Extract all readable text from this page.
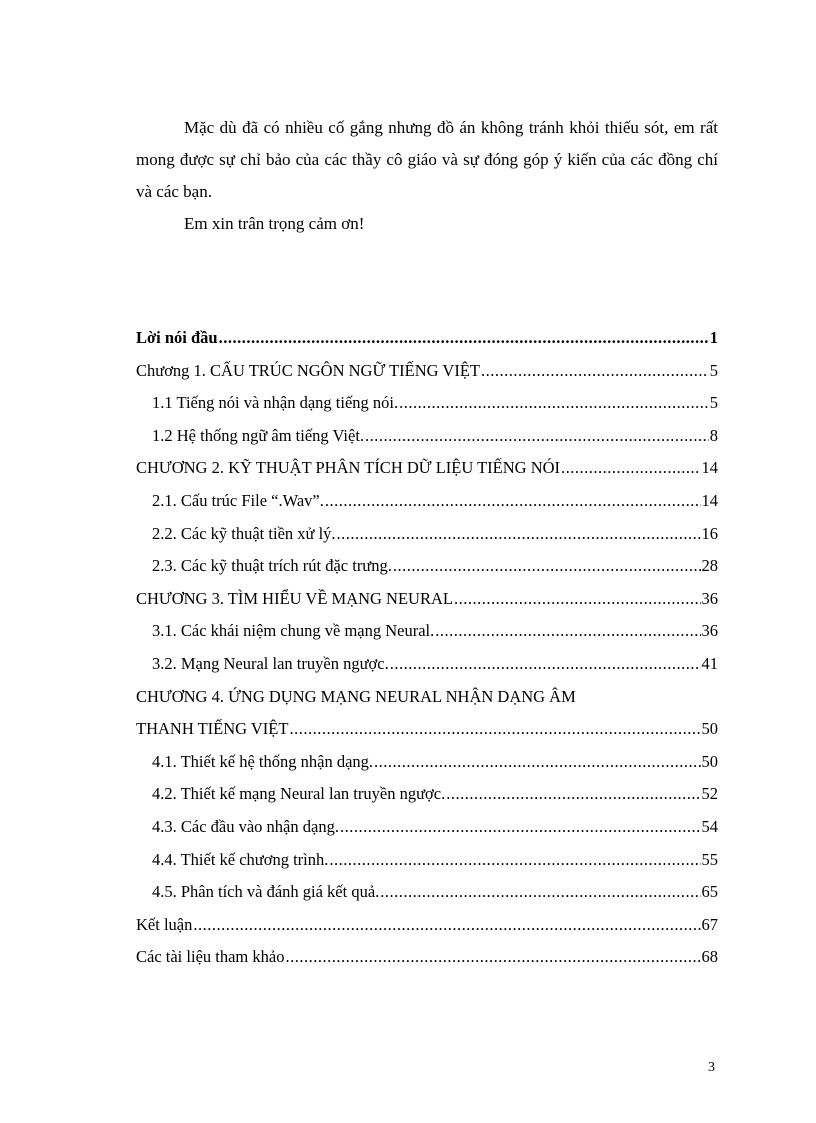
Mặc dù đã có nhiều cố gắng nhưng đồ án không tránh khỏi thiếu sót, em rất mong được sự chỉ bảo của các thầy cô giáo và sự đóng góp ý kiến của các đồng chí và các bạn.

Em xin trân trọng cảm ơn!

Lời nói đầu .....	1
Chương 1. CẤU TRÚC NGÔN NGỮ TIẾNG VIỆT .....	5
1.1 Tiếng nói và nhận dạng tiếng nói. .....	5
1.2 Hệ thống ngữ âm tiếng Việt. .....	8
CHƯƠNG 2. KỸ THUẬT PHÂN TÍCH DỮ LIỆU TIẾNG NÓI .....	14
2.1. Cấu trúc File “.Wav”. .....	14
2.2. Các kỹ thuật tiền xử lý. .....	16
2.3. Các kỹ thuật trích rút đặc trưng. .....	28
CHƯƠNG 3. TÌM HIỂU VỀ MẠNG NEURAL .....	36
3.1. Các khái niệm chung về mạng Neural. .....	36
3.2. Mạng Neural lan truyền ngược. .....	41
CHƯƠNG 4. ỨNG DỤNG MẠNG NEURAL NHẬN DẠNG ÂM
THANH TIẾNG VIỆT .....	50
4.1. Thiết kế hệ thống nhận dạng. .....	50
4.2. Thiết kế mạng Neural lan truyền ngược. .....	52
4.3. Các đầu vào nhận dạng. .....	54
4.4. Thiết kế chương trình. .....	55
4.5. Phân tích và đánh giá kết quả. .....	65
Kết luận .....	67
Các tài liệu tham khảo .....	68
3
